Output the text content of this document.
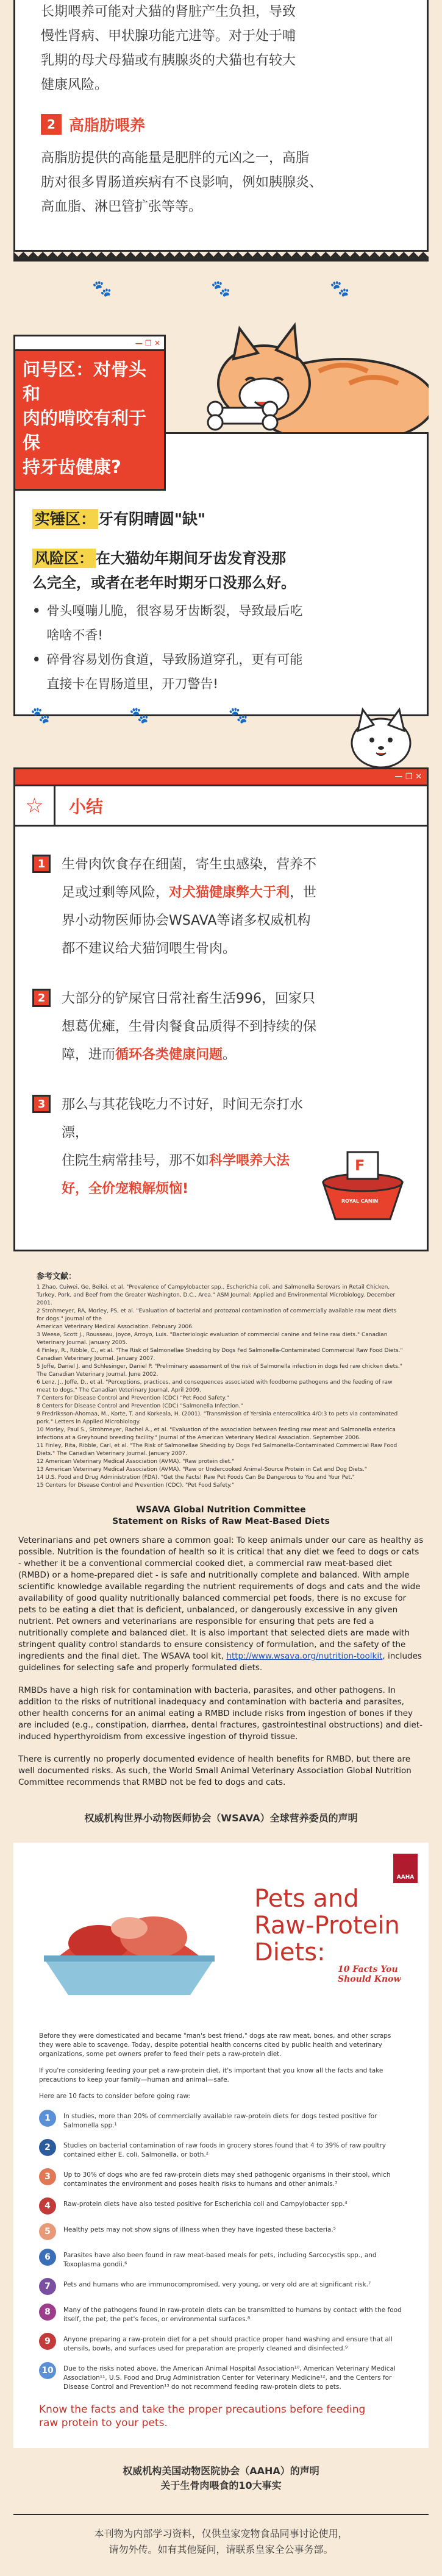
长期喂养可能对犬猫的肾脏产生负担，导致
慢性肾病、甲状腺功能亢进等。对于处于哺
乳期的母犬母猫或有胰腺炎的犬猫也有较大
健康风险。
2 高脂肪喂养
高脂肪提供的高能量是肥胖的元凶之一，高脂
肪对很多胃肠道疾病有不良影响，例如胰腺炎、
高血脂、淋巴管扩张等等。
🐾	🐾	🐾
— ❐ ✕
问号区：对骨头和
肉的啃咬有利于保
持牙齿健康?
实锤区： 牙有阴晴圆"缺"
风险区： 在大猫幼年期间牙齿发育没那
么完全，或者在老年时期牙口没那么好。
• 骨头嘎嘣儿脆，很容易牙齿断裂，导致最后吃
啥啥不香!
• 碎骨容易划伤食道，导致肠道穿孔，更有可能
直接卡在胃肠道里，开刀警告!
🐾	🐾	🐾
— ❐ ✕
☆	小结
1	生骨肉饮食存在细菌，寄生虫感染，营养不
足或过剩等风险，对犬猫健康弊大于利，世
界小动物医师协会WSAVA等诸多权威机构
都不建议给犬猫饲喂生骨肉。
2	大部分的铲屎官日常社畜生活996，回家只
想葛优瘫，生骨肉餐食品质得不到持续的保
障，进而循环各类健康问题。
3	那么与其花钱吃力不讨好，时间无奈打水漂，
住院生病常挂号，那不如科学喂养大法好，全价宠粮解烦恼!
F
ROYAL CANIN
参考文献：
1 Zhao, Cuiwei, Ge, Beilei, et al. "Prevalence of Campylobacter spp., Escherichia coli, and Salmonella Serovars in Retail Chicken, Turkey, Pork, and Beef from the Greater Washington, D.C., Area." ASM Journal: Applied and Environmental Microbiology. December 2001.
2 Strohmeyer, RA, Morley, PS, et al. "Evaluation of bacterial and protozoal contamination of commercially available raw meat diets for dogs." Journal of the
American Veterinary Medical Association. February 2006.
3 Weese, Scott J., Rousseau, Joyce, Arroyo, Luis. "Bacteriologic evaluation of commercial canine and feline raw diets." Canadian Veterinary Journal. January 2005.
4 Finley, R., Ribble, C., et al. "The Risk of Salmonellae Shedding by Dogs Fed Salmonella-Contaminated Commercial Raw Food Diets." Canadian Veterinary Journal. January 2007.
5 Joffe, Daniel J. and Schlesinger, Daniel P. "Preliminary assessment of the risk of Salmonella infection in dogs fed raw chicken diets." The Canadian Veterinary Journal. June 2002.
6 Lenz, J., Joffe, D., et al. "Perceptions, practices, and consequences associated with foodborne pathogens and the feeding of raw meat to dogs." The Canadian Veterinary Journal. April 2009.
7 Centers for Disease Control and Prevention (CDC) "Pet Food Safety."
8 Centers for Disease Control and Prevention (CDC) "Salmonella Infection."
9 Fredriksson-Ahomaa, M., Korte, T. and Korkeala, H. (2001). "Transmission of Yersinia enterocolitica 4/O:3 to pets via contaminated pork." Letters in Applied Microbiology.
10 Morley, Paul S., Strohmeyer, Rachel A., et al. "Evaluation of the association between feeding raw meat and Salmonella enterica infections at a Greyhound breeding facility." Journal of the American Veterinary Medical Association. September 2006.
11 Finley, Rita, Ribble, Carl, et al. "The Risk of Salmonellae Shedding by Dogs Fed Salmonella-Contaminated Commercial Raw Food Diets." The Canadian Veterinary Journal. January 2007.
12 American Veterinary Medical Association (AVMA). "Raw protein diet."
13 American Veterinary Medical Association (AVMA). "Raw or Undercooked Animal-Source Protein in Cat and Dog Diets."
14 U.S. Food and Drug Administration (FDA). "Get the Facts! Raw Pet Foods Can Be Dangerous to You and Your Pet."
15 Centers for Disease Control and Prevention (CDC). "Pet Food Safety."
WSAVA Global Nutrition Committee
Statement on Risks of Raw Meat-Based Diets
Veterinarians and pet owners share a common goal: To keep animals under our care as healthy as possible. Nutrition is the foundation of health so it is critical that any diet we feed to dogs or cats - whether it be a conventional commercial cooked diet, a commercial raw meat-based diet (RMBD) or a home-prepared diet - is safe and nutritionally complete and balanced. With ample scientific knowledge available regarding the nutrient requirements of dogs and cats and the wide availability of good quality nutritionally balanced commercial pet foods, there is no excuse for pets to be eating a diet that is deficient, unbalanced, or dangerously excessive in any given nutrient. Pet owners and veterinarians are responsible for ensuring that pets are fed a nutritionally complete and balanced diet. It is also important that selected diets are made with stringent quality control standards to ensure consistency of formulation, and the safety of the ingredients and the final diet. The WSAVA tool kit, http://www.wsava.org/nutrition-toolkit, includes guidelines for selecting safe and properly formulated diets.
RMBDs have a high risk for contamination with bacteria, parasites, and other pathogens. In addition to the risks of nutritional inadequacy and contamination with bacteria and parasites, other health concerns for an animal eating a RMBD include risks from ingestion of bones if they are included (e.g., constipation, diarrhea, dental fractures, gastrointestinal obstructions) and diet-induced hyperthyroidism from excessive ingestion of thyroid tissue.
There is currently no properly documented evidence of health benefits for RMBD, but there are well documented risks. As such, the World Small Animal Veterinary Association Global Nutrition Committee recommends that RMBD not be fed to dogs and cats.
权威机构世界小动物医师协会（WSAVA）全球营养委员的声明
AAHA
Pets and
Raw-Protein
Diets:
10 Facts You
Should Know
Before they were domesticated and became "man's best friend," dogs ate raw meat, bones, and other scraps they were able to scavenge. Today, despite potential health concerns cited by public health and veterinary organizations, some pet owners prefer to feed their pets a raw-protein diet.
If you're considering feeding your pet a raw-protein diet, it's important that you know all the facts and take precautions to keep your family—human and animal—safe.
Here are 10 facts to consider before going raw:
1	In studies, more than 20% of commercially available raw-protein diets for dogs tested positive for Salmonella spp.¹
2	Studies on bacterial contamination of raw foods in grocery stores found that 4 to 39% of raw poultry contained either E. coli, Salmonella, or both.²
3	Up to 30% of dogs who are fed raw-protein diets may shed pathogenic organisms in their stool, which contaminates the environment and poses health risks to humans and other animals.³
4	Raw-protein diets have also tested positive for Escherichia coli and Campylobacter spp.⁴
5	Healthy pets may not show signs of illness when they have ingested these bacteria.⁵
6	Parasites have also been found in raw meat-based meals for pets, including Sarcocystis spp., and Toxoplasma gondii.⁶
7	Pets and humans who are immunocompromised, very young, or very old are at significant risk.⁷
8	Many of the pathogens found in raw-protein diets can be transmitted to humans by contact with the food itself, the pet, the pet's feces, or environmental surfaces.⁸
9	Anyone preparing a raw-protein diet for a pet should practice proper hand washing and ensure that all utensils, bowls, and surfaces used for preparation are properly cleaned and disinfected.⁹
10	Due to the risks noted above, the American Animal Hospital Association¹⁰, American Veterinary Medical Association¹¹, U.S. Food and Drug Administration Center for Veterinary Medicine¹², and the Centers for Disease Control and Prevention¹³ do not recommend feeding raw-protein diets to pets.
Know the facts and take the proper precautions before feeding
raw protein to your pets.
权威机构美国动物医院协会（AAHA）的声明
关于生骨肉喂食的10大事实
本刊物为内部学习资料，仅供皇家宠物食品同事讨论使用，
请勿外传。如有其他疑问，请联系皇家全公事务部。
